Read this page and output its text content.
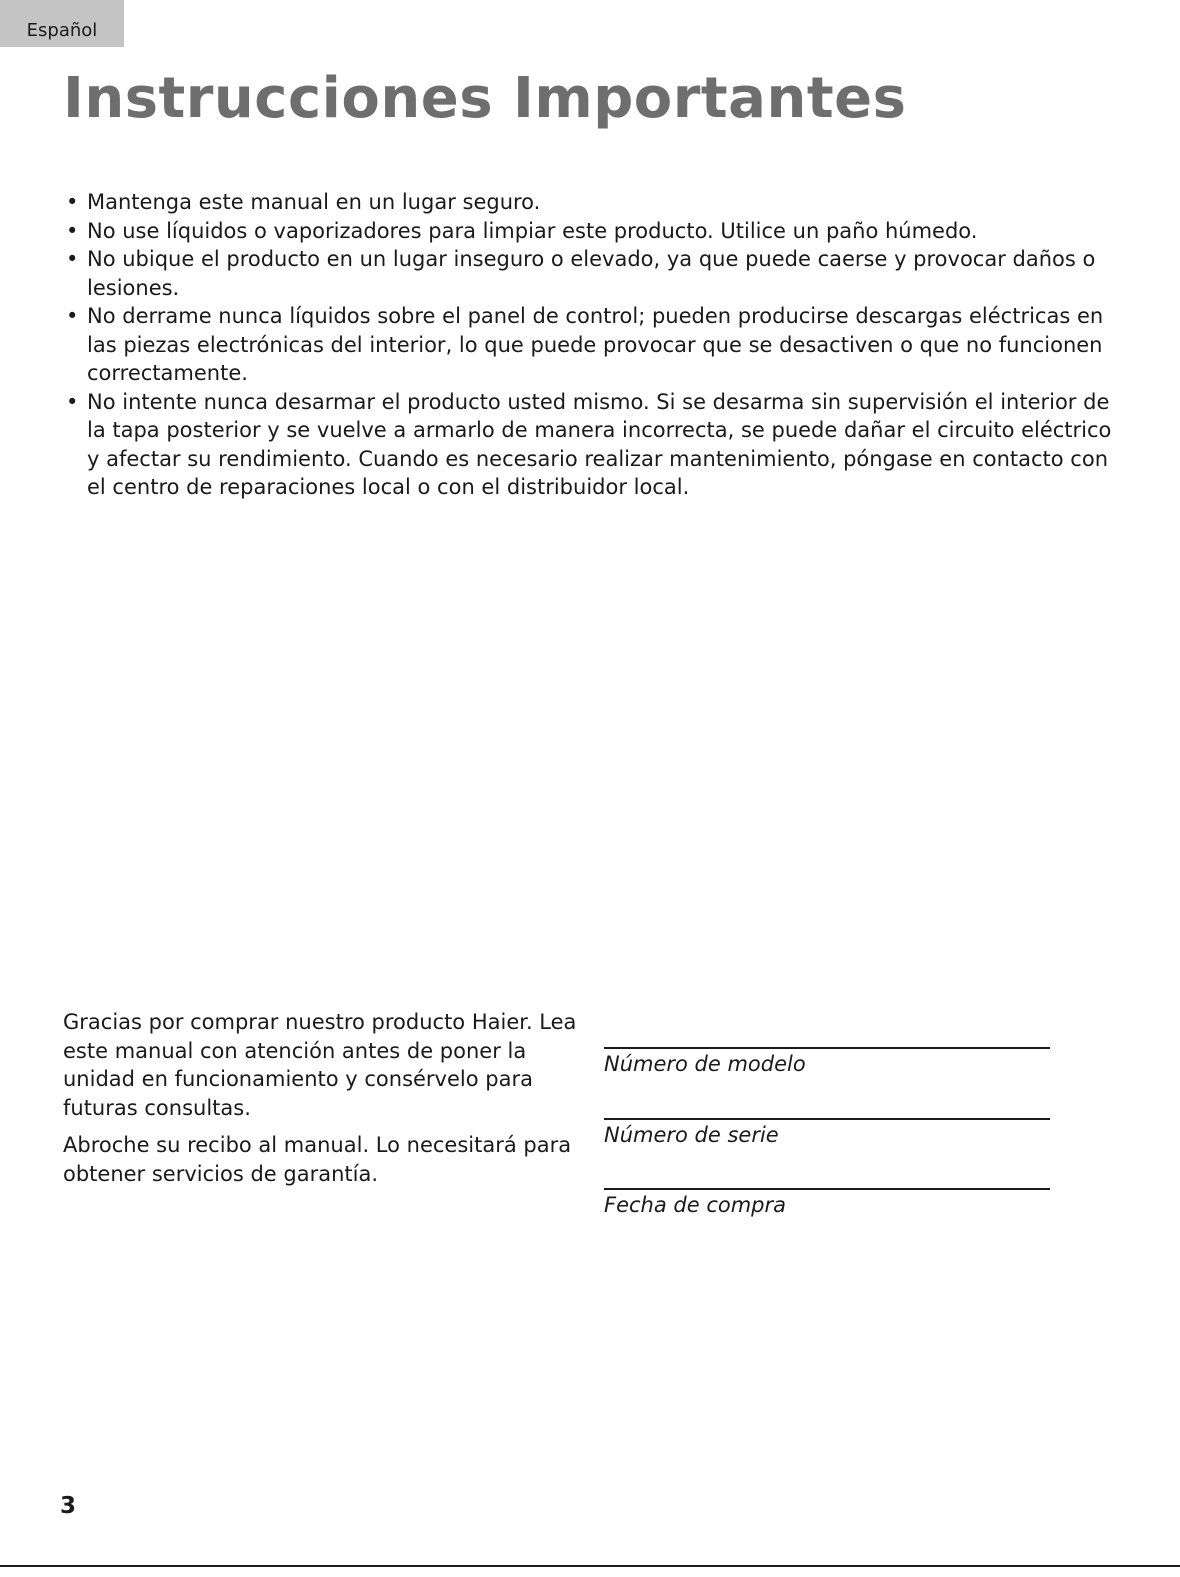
Español
Instrucciones Importantes
• Mantenga este manual en un lugar seguro.
• No use líquidos o vaporizadores para limpiar este producto. Utilice un paño húmedo.
• No ubique el producto en un lugar inseguro o elevado, ya que puede caerse y provocar daños o lesiones.
• No derrame nunca líquidos sobre el panel de control; pueden producirse descargas eléctricas en las piezas electrónicas del interior, lo que puede provocar que se desactiven o que no funcionen correctamente.
• No intente nunca desarmar el producto usted mismo. Si se desarma sin supervisión el interior de la tapa posterior y se vuelve a armarlo de manera incorrecta, se puede dañar el circuito eléctrico y afectar su rendimiento. Cuando es necesario realizar mantenimiento, póngase en contacto con el centro de reparaciones local o con el distribuidor local.

Gracias por comprar nuestro producto Haier. Lea este manual con atención antes de poner la unidad en funcionamiento y consérvelo para futuras consultas.

Abroche su recibo al manual. Lo necesitará para obtener servicios de garantía.

Número de modelo
Número de serie
Fecha de compra
3
